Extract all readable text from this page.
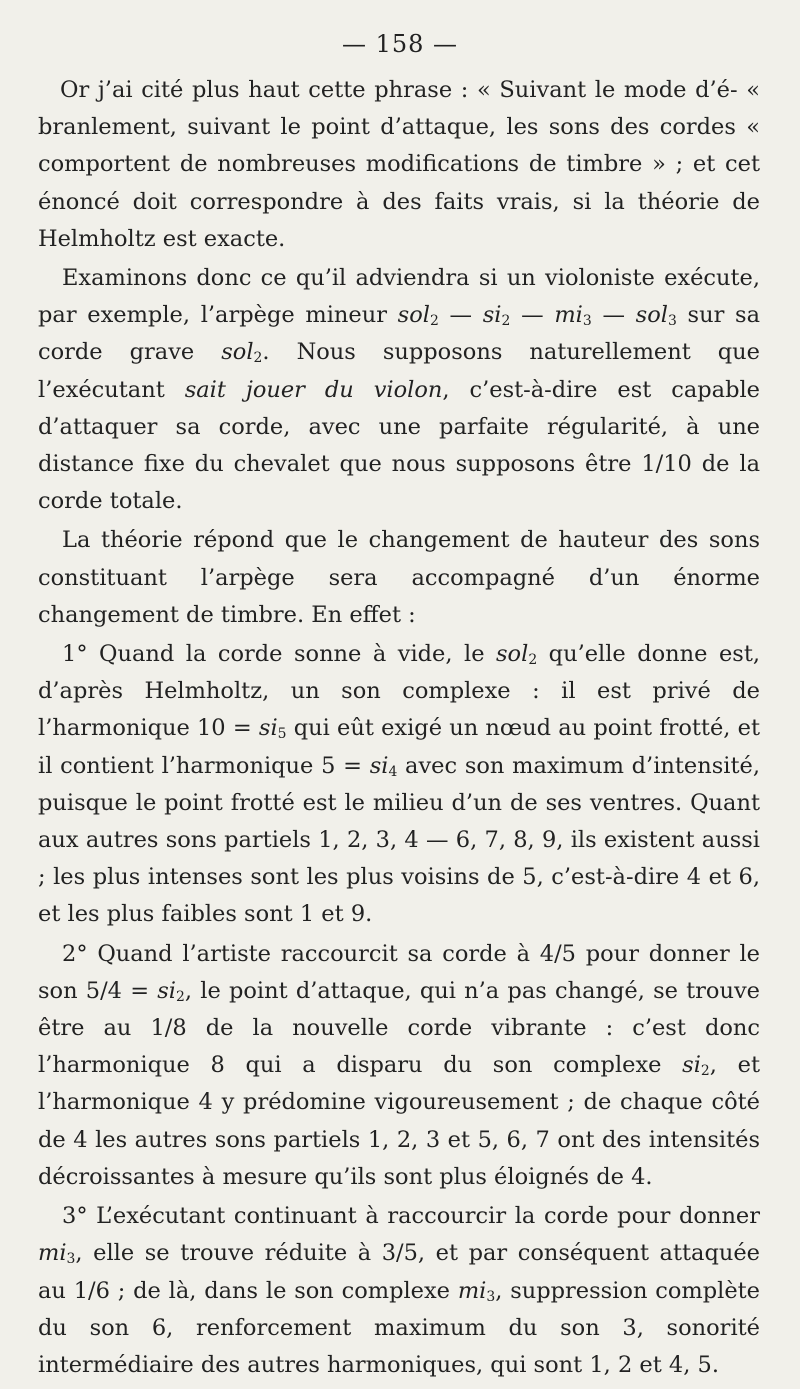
— 158 —

Or j’ai cité plus haut cette phrase : « Suivant le mode d’é- « branlement, suivant le point d’attaque, les sons des cordes « comportent de nombreuses modifications de timbre » ; et cet énoncé doit correspondre à des faits vrais, si la théorie de Helmholtz est exacte.

Examinons donc ce qu’il adviendra si un violoniste exécute, par exemple, l’arpège mineur sol$_2$ — $si_2$ — $mi_3$ — sol$_3$ sur sa corde grave sol$_2$. Nous supposons naturellement que l’exécutant sait jouer du violon, c’est-à-dire est capable d’attaquer sa corde, avec une parfaite régularité, à une distance fixe du chevalet que nous supposons être 1/10 de la corde totale.

La théorie répond que le changement de hauteur des sons constituant l’arpège sera accompagné d’un énorme changement de timbre. En effet :

1° Quand la corde sonne à vide, le sol$_2$ qu’elle donne est, d’après Helmholtz, un son complexe : il est privé de l’harmonique $10 = si_5$ qui eût exigé un nœud au point frotté, et il contient l’harmonique $5 = si_4$ avec son maximum d’intensité, puisque le point frotté est le milieu d’un de ses ventres. Quant aux autres sons partiels 1, 2, 3, 4 — 6, 7, 8, 9, ils existent aussi ; les plus intenses sont les plus voisins de 5, c’est-à-dire 4 et 6, et les plus faibles sont 1 et 9.

2° Quand l’artiste raccourcit sa corde à 4/5 pour donner le son $5/4 = si_2$, le point d’attaque, qui n’a pas changé, se trouve être au 1/8 de la nouvelle corde vibrante : c’est donc l’harmonique 8 qui a disparu du son complexe $si_2$, et l’harmonique 4 y prédomine vigoureusement ; de chaque côté de 4 les autres sons partiels 1, 2, 3 et 5, 6, 7 ont des intensités décroissantes à mesure qu’ils sont plus éloignés de 4.

3° L’exécutant continuant à raccourcir la corde pour donner $mi_3$, elle se trouve réduite à 3/5, et par conséquent attaquée au 1/6 ; de là, dans le son complexe $mi_3$, suppression complète du son 6, renforcement maximum du son 3, sonorité intermédiaire des autres harmoniques, qui sont 1, 2 et 4, 5.
